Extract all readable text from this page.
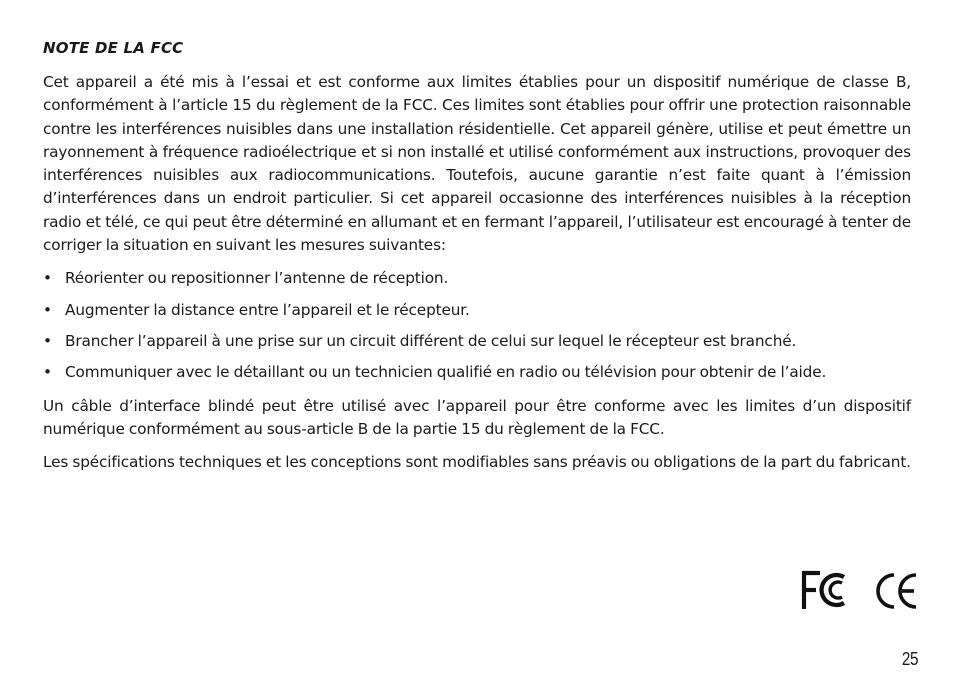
NOTE DE LA FCC

Cet appareil a été mis à l’essai et est conforme aux limites établies pour un dispositif numérique de classe B, conformément à l’article 15 du règlement de la FCC. Ces limites sont établies pour offrir une protection raisonnable contre les interférences nuisibles dans une installation résidentielle. Cet appareil génère, utilise et peut émettre un rayonnement à fréquence radioélectrique et si non installé et utilisé conformément aux instructions, provoquer des interférences nuisibles aux radiocommunications. Toutefois, aucune garantie n’est faite quant à l’émission d’interférences dans un endroit particulier. Si cet appareil occasionne des interférences nuisibles à la réception radio et télé, ce qui peut être déterminé en allumant et en fermant l’appareil, l’utilisateur est encouragé à tenter de corriger la situation en suivant les mesures suivantes:

• Réorienter ou repositionner l’antenne de réception.
• Augmenter la distance entre l’appareil et le récepteur.
• Brancher l’appareil à une prise sur un circuit différent de celui sur lequel le récepteur est branché.
• Communiquer avec le détaillant ou un technicien qualifié en radio ou télévision pour obtenir de l’aide.

Un câble d’interface blindé peut être utilisé avec l’appareil pour être conforme avec les limites d’un dispositif numérique conformément au sous-article B de la partie 15 du règlement de la FCC.

Les spécifications techniques et les conceptions sont modifiables sans préavis ou obligations de la part du fabricant.

25
